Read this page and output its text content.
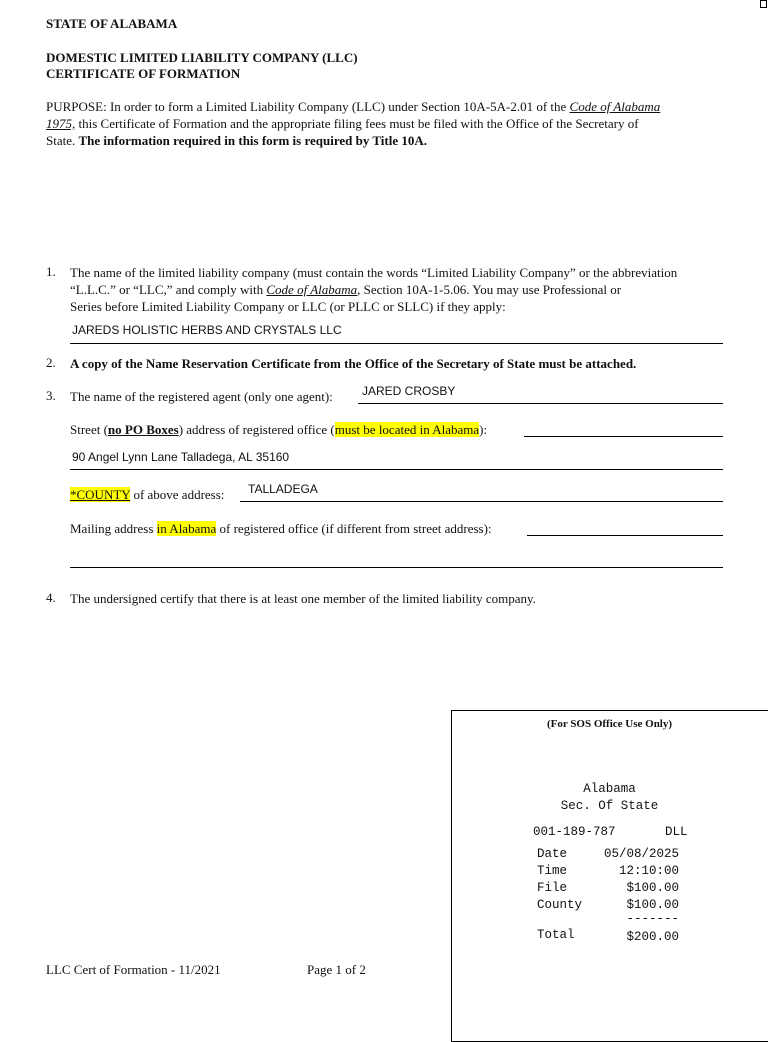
STATE OF ALABAMA
DOMESTIC LIMITED LIABILITY COMPANY (LLC)
CERTIFICATE OF FORMATION
PURPOSE: In order to form a Limited Liability Company (LLC) under Section 10A-5A-2.01 of the Code of Alabama
1975, this Certificate of Formation and the appropriate filing fees must be filed with the Office of the Secretary of
State. The information required in this form is required by Title 10A.
1. The name of the limited liability company (must contain the words “Limited Liability Company” or the abbreviation
“L.L.C.” or “LLC,” and comply with Code of Alabama, Section 10A-1-5.06. You may use Professional or
Series before Limited Liability Company or LLC (or PLLC or SLLC) if they apply:
JAREDS HOLISTIC HERBS AND CRYSTALS LLC
2. A copy of the Name Reservation Certificate from the Office of the Secretary of State must be attached.
3. The name of the registered agent (only one agent): JARED CROSBY
Street (no PO Boxes) address of registered office (must be located in Alabama):
90 Angel Lynn Lane Talladega, AL 35160
*COUNTY of above address: TALLADEGA
Mailing address in Alabama of registered office (if different from street address):
4. The undersigned certify that there is at least one member of the limited liability company.
(For SOS Office Use Only)
Alabama
Sec. Of State
001-189-787	DLL
Date	05/08/2025
Time	12:10:00
File	$100.00
County	$100.00
-------
Total	$200.00
LLC Cert of Formation - 11/2021	Page 1 of 2
